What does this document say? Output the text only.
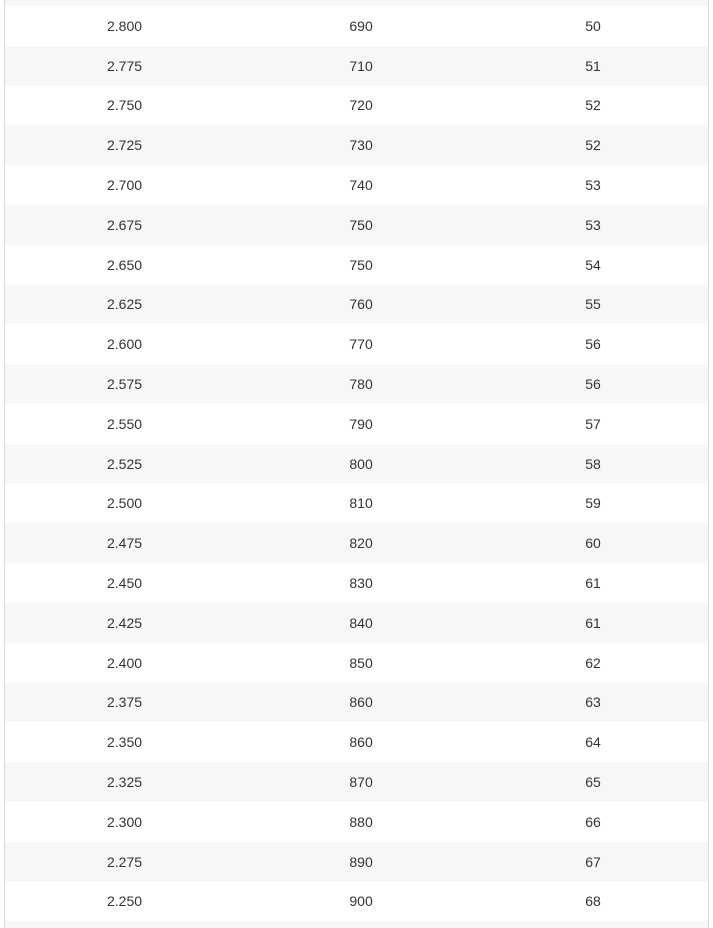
2.800	690	50
2.775	710	51
2.750	720	52
2.725	730	52
2.700	740	53
2.675	750	53
2.650	750	54
2.625	760	55
2.600	770	56
2.575	780	56
2.550	790	57
2.525	800	58
2.500	810	59
2.475	820	60
2.450	830	61
2.425	840	61
2.400	850	62
2.375	860	63
2.350	860	64
2.325	870	65
2.300	880	66
2.275	890	67
2.250	900	68
